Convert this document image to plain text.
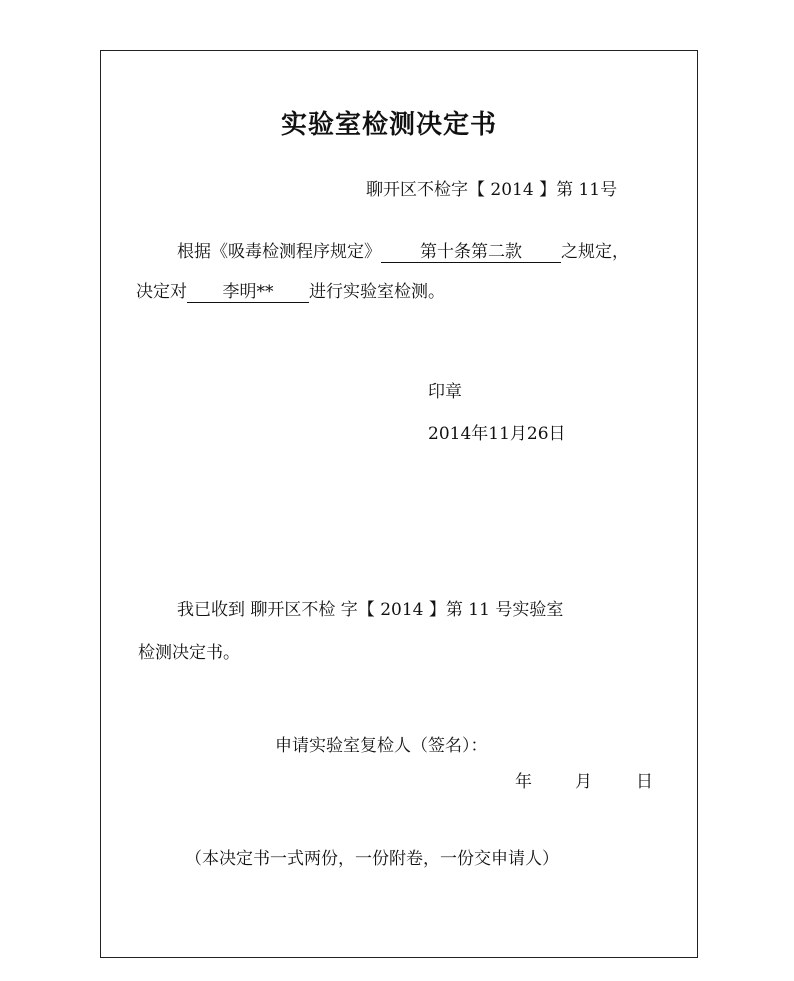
实验室检测决定书
聊开区不检字【 2014 】第 11号
根据《吸毒检测程序规定》 第十条第二款 之规定，
决定对 李明** 进行实验室检测。
印章
2014年11月26日
我已收到 聊开区不检 字【 2014 】第 11 号实验室
检测决定书。
申请实验室复检人（签名）：
年	月	日
（本决定书一式两份，一份附卷，一份交申请人）
